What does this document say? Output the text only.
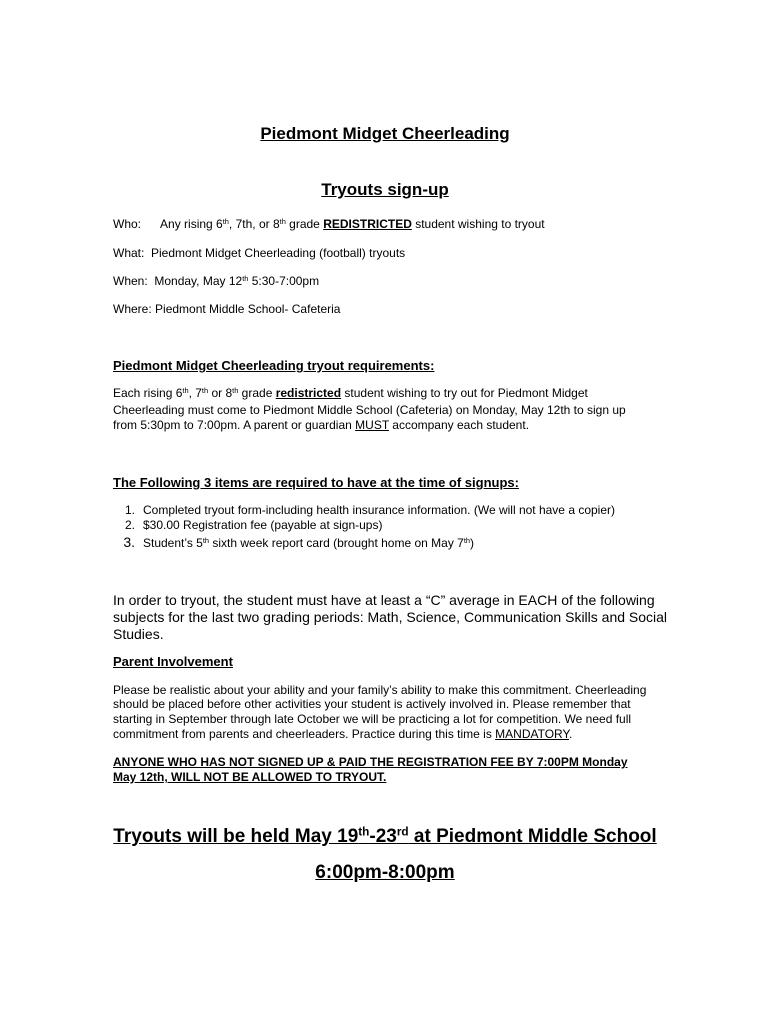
Piedmont Midget Cheerleading
Tryouts sign-up
Who: Any rising 6th, 7th, or 8th grade REDISTRICTED student wishing to tryout
What: Piedmont Midget Cheerleading (football) tryouts
When: Monday, May 12th 5:30-7:00pm
Where: Piedmont Middle School- Cafeteria
Piedmont Midget Cheerleading tryout requirements:
Each rising 6th, 7th or 8th grade redistricted student wishing to try out for Piedmont Midget
Cheerleading must come to Piedmont Middle School (Cafeteria) on Monday, May 12th to sign up
from 5:30pm to 7:00pm. A parent or guardian MUST accompany each student.
The Following 3 items are required to have at the time of signups:
1. Completed tryout form-including health insurance information. (We will not have a copier)
2. $30.00 Registration fee (payable at sign-ups)
3. Student’s 5th sixth week report card (brought home on May 7th)
In order to tryout, the student must have at least a “C” average in EACH of the following
subjects for the last two grading periods: Math, Science, Communication Skills and Social
Studies.
Parent Involvement
Please be realistic about your ability and your family’s ability to make this commitment. Cheerleading
should be placed before other activities your student is actively involved in. Please remember that
starting in September through late October we will be practicing a lot for competition. We need full
commitment from parents and cheerleaders. Practice during this time is MANDATORY.
ANYONE WHO HAS NOT SIGNED UP & PAID THE REGISTRATION FEE BY 7:00PM Monday
May 12th, WILL NOT BE ALLOWED TO TRYOUT.
Tryouts will be held May 19th-23rd at Piedmont Middle School
6:00pm-8:00pm
